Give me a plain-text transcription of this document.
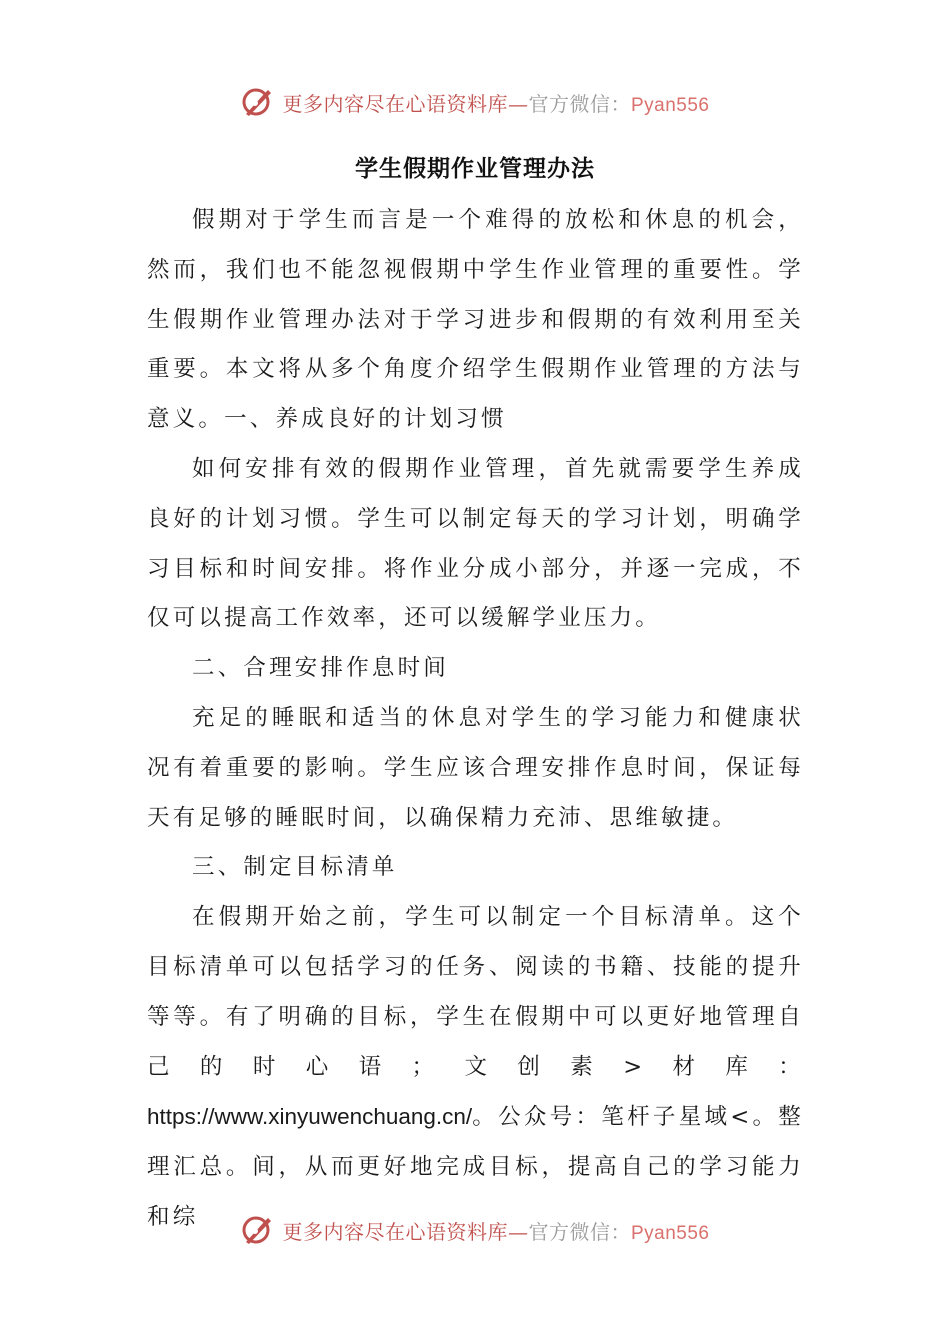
更多内容尽在心语资料库—官方微信：Pyan556
学生假期作业管理办法

假期对于学生而言是一个难得的放松和休息的机会，然而，我们也不能忽视假期中学生作业管理的重要性。学生假期作业管理办法对于学习进步和假期的有效利用至关重要。本文将从多个角度介绍学生假期作业管理的方法与意义。一、养成良好的计划习惯

如何安排有效的假期作业管理，首先就需要学生养成良好的计划习惯。学生可以制定每天的学习计划，明确学习目标和时间安排。将作业分成小部分，并逐一完成，不仅可以提高工作效率，还可以缓解学业压力。

二、合理安排作息时间

充足的睡眠和适当的休息对学生的学习能力和健康状况有着重要的影响。学生应该合理安排作息时间，保证每天有足够的睡眠时间，以确保精力充沛、思维敏捷。

三、制定目标清单

在假期开始之前，学生可以制定一个目标清单。这个目标清单可以包括学习的任务、阅读的书籍、技能的提升等等。有了明确的目标，学生在假期中可以更好地管理自己的时心语；文创素>材库：https://www.xinyuwenchuang.cn/。公众号：笔杆子星域<。整理汇总。间，从而更好地完成目标，提高自己的学习能力和综

更多内容尽在心语资料库—官方微信：Pyan556
